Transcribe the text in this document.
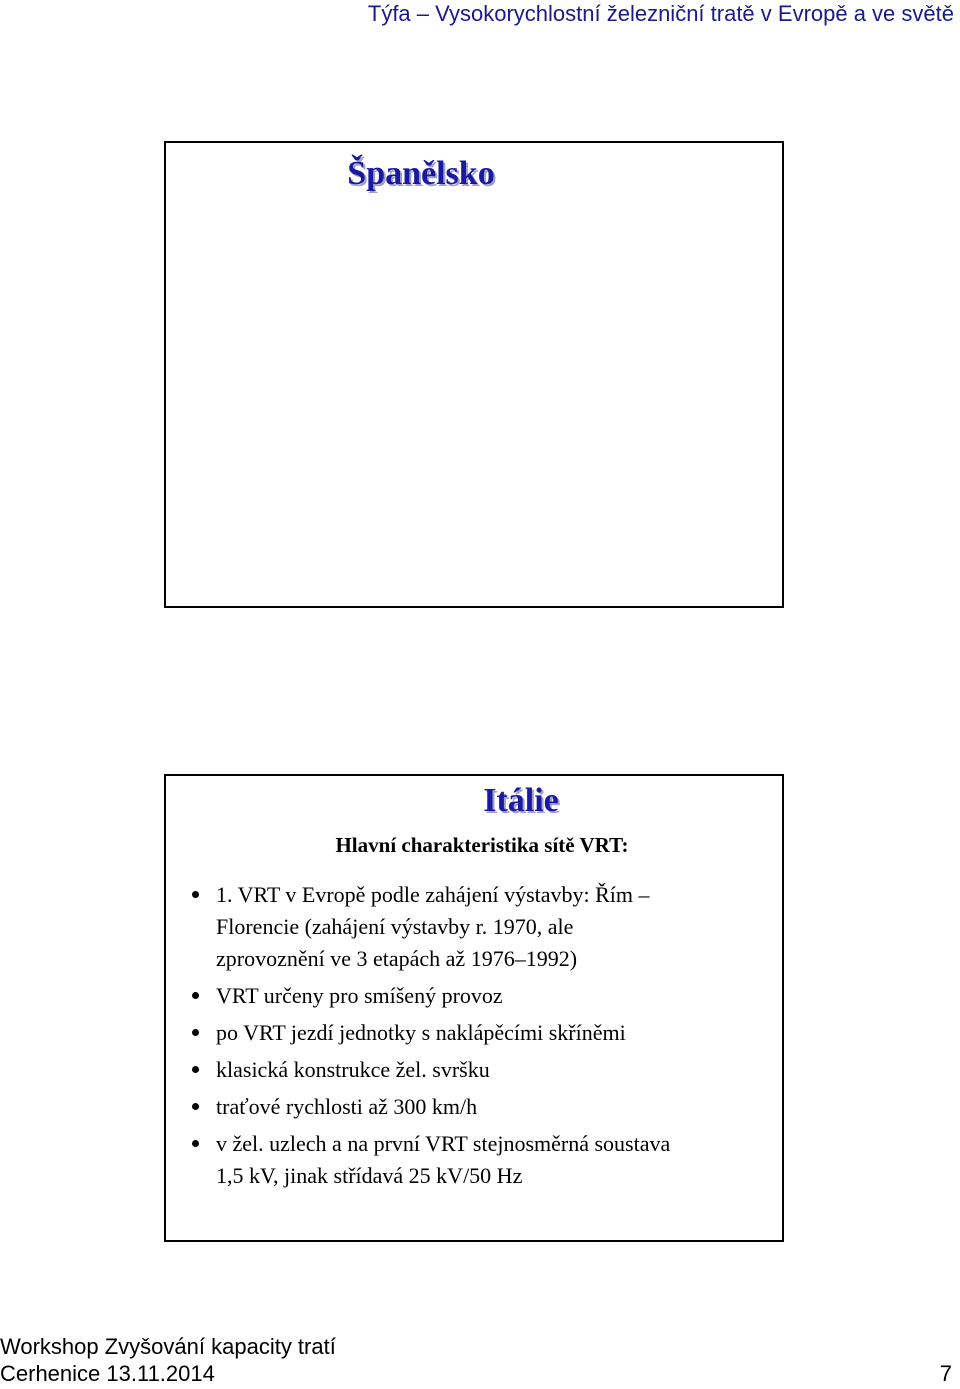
Týfa – Vysokorychlostní železniční tratě v Evropě a ve světě
Španělsko
Itálie
Hlavní charakteristika sítě VRT:
1. VRT v Evropě podle zahájení výstavby: Řím –
Florencie (zahájení výstavby r. 1970, ale
zprovoznění ve 3 etapách až 1976–1992)
VRT určeny pro smíšený provoz
po VRT jezdí jednotky s naklápěcími skříněmi
klasická konstrukce žel. svršku
traťové rychlosti až 300 km/h
v žel. uzlech a na první VRT stejnosměrná soustava
1,5 kV, jinak střídavá 25 kV/50 Hz
Workshop Zvyšování kapacity tratí
Cerhenice 13.11.2014	7
